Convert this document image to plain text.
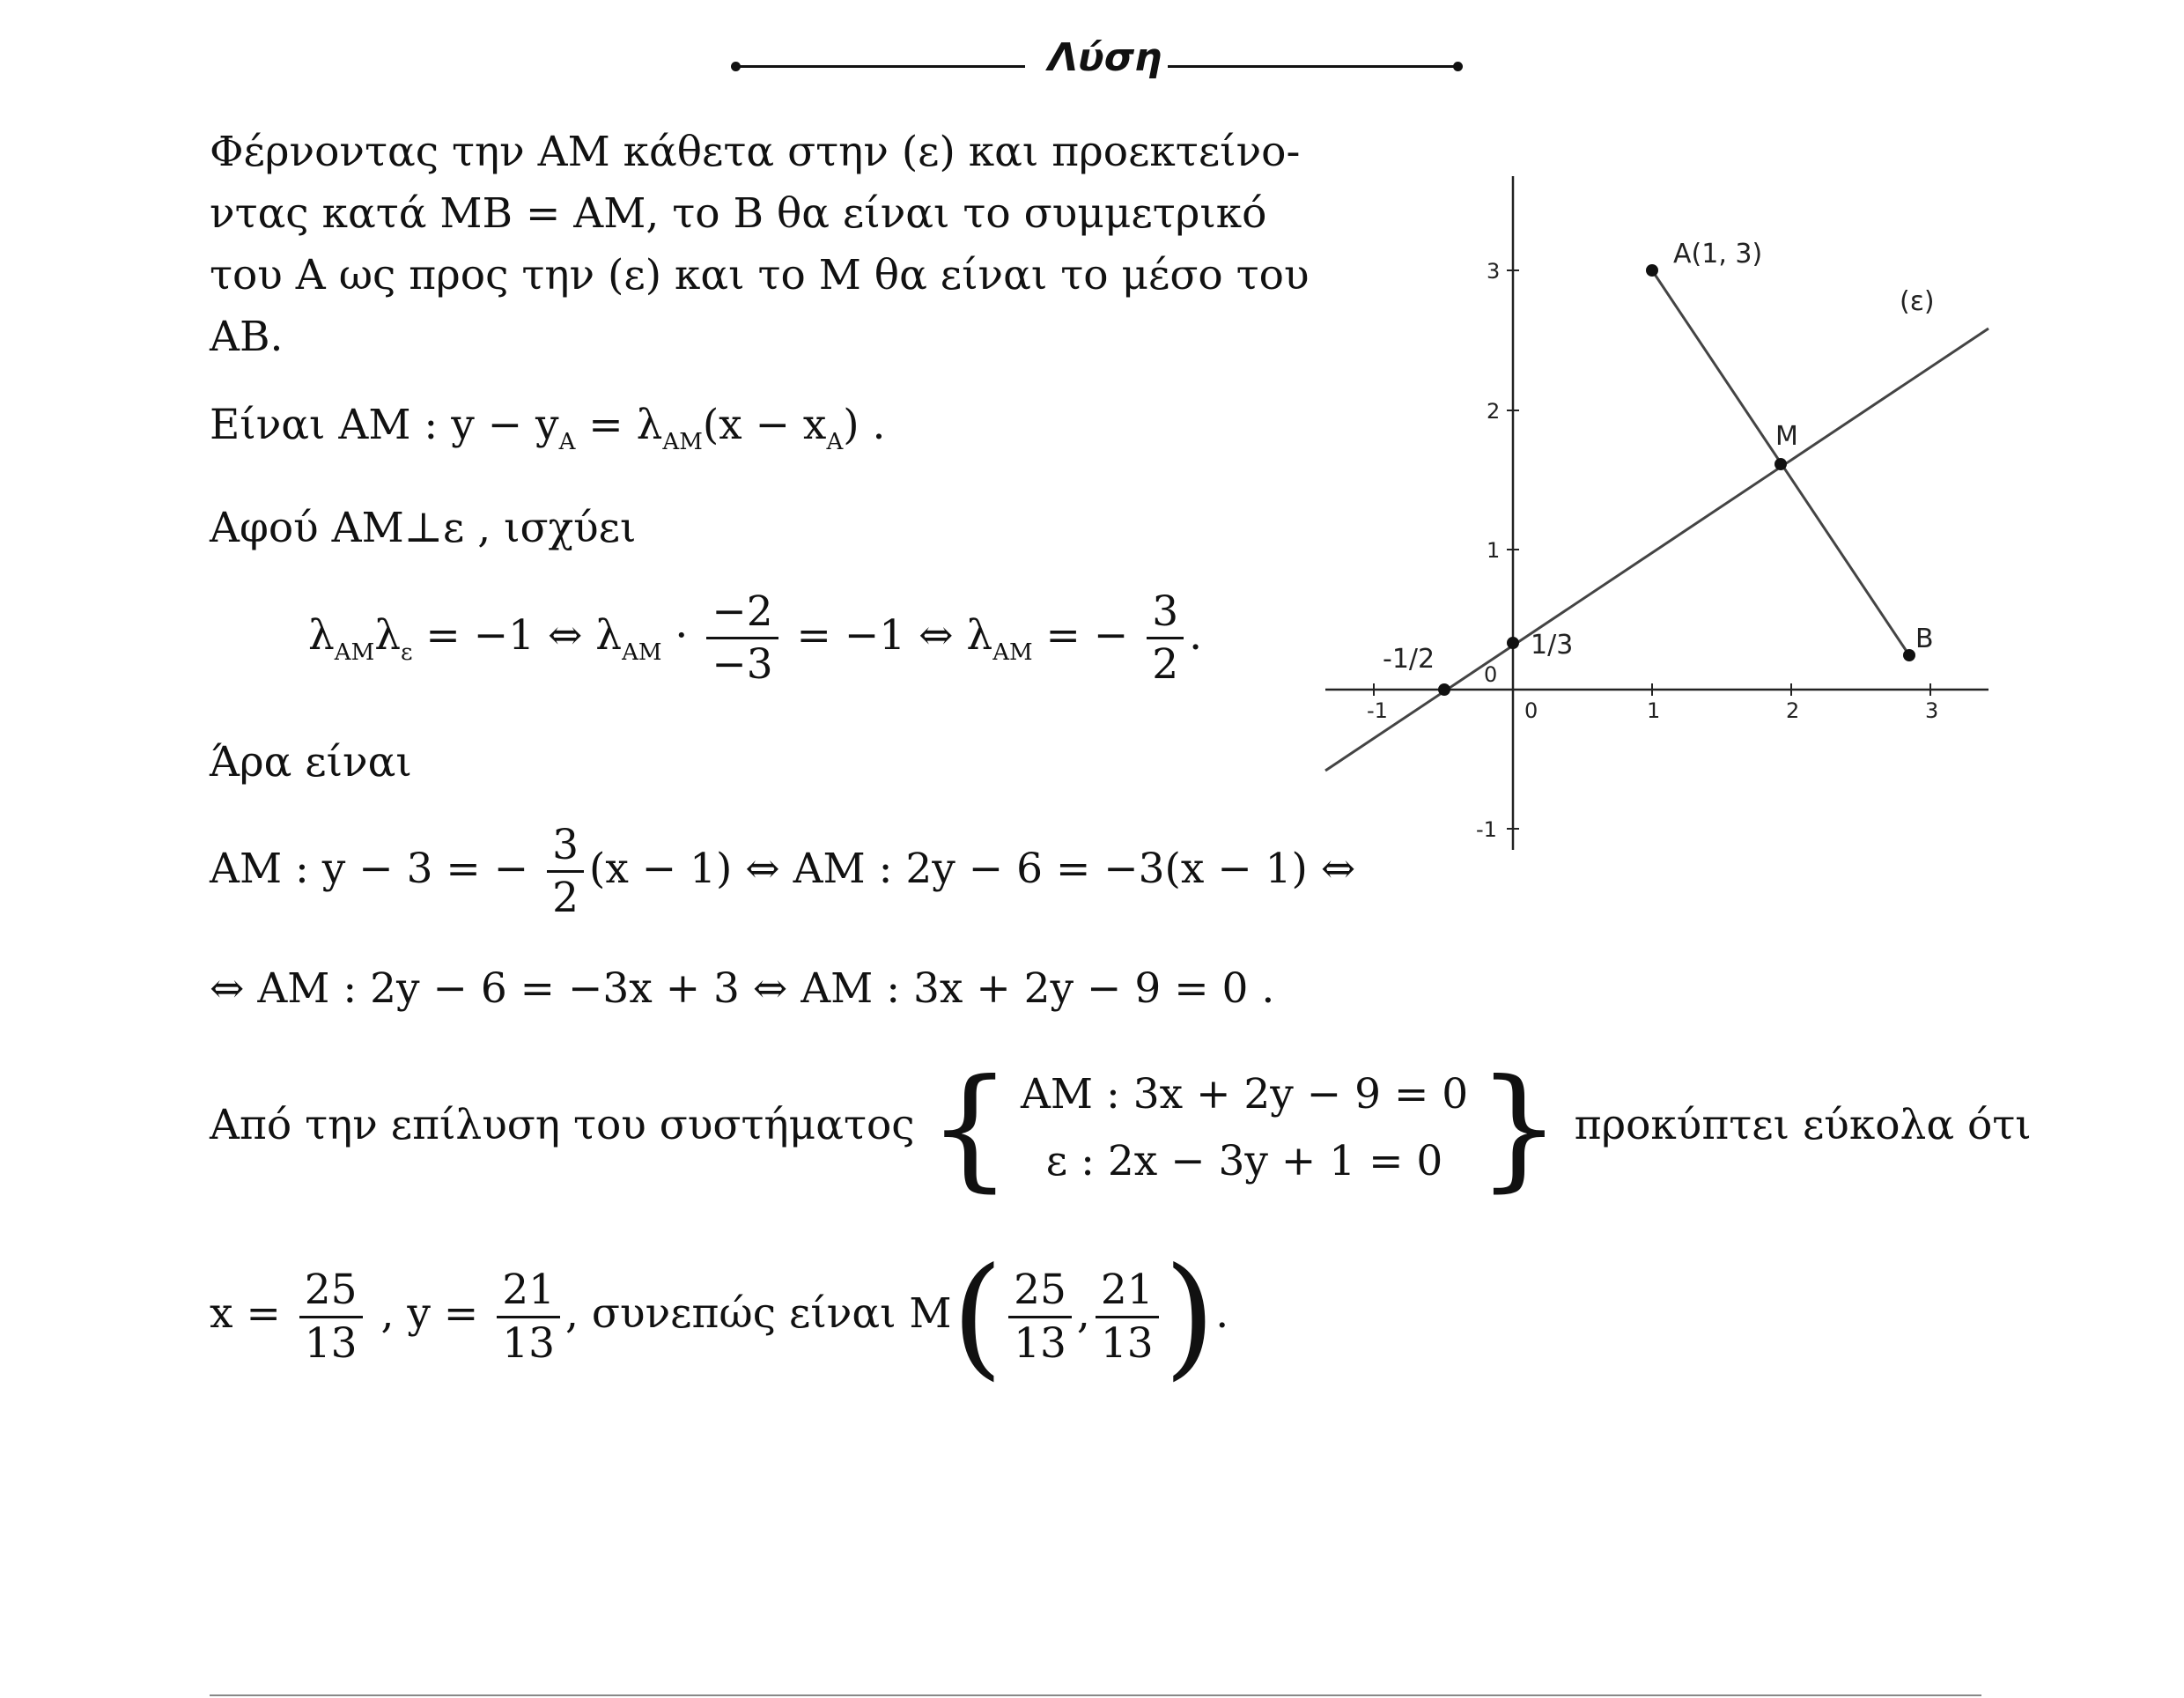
Λύση
Φέρνοντας την ΑΜ κάθετα στην (ε) και προεκτείνο-
ντας κατά ΜΒ = ΑΜ, το Β θα είναι το συμμετρικό
του Α ως προς την (ε) και το Μ θα είναι το μέσο του
ΑΒ.
Είναι AM : $y - y_A = \lambda_{AM}(x - x_A)$ .
Αφού AM⊥ε , ισχύει
$\lambda_{AM}\lambda_\varepsilon = -1$ ⇔ $\lambda_{AM} \cdot \frac{-2}{-3} = -1$ ⇔ $\lambda_{AM}$ = − $\frac{3}{2}$ .
Άρα είναι
AM : y − 3 = − $\frac{3}{2} (x - 1)$ ⇔ AM : 2y − 6 = −3(x − 1) ⇔
⇔ AM : 2y − 6 = −3x + 3 ⇔ AM : 3x + 2y − 9 = 0 .
Από την επίλυση του συστήματος { AM : 3x + 2y − 9 = 0
ε : 2x − 3y + 1 = 0 } προκύπτει εύκολα ότι
$x = \frac{25}{13}$ , $y = \frac{21}{13}$ , συνεπώς είναι $M( \frac{25}{13}$ , $\frac{21}{13}$ ).
A(1, 3)
M
B
(ε)
-1/2	1/3
0
-1	0	1	2	3
3
2
1
-1
